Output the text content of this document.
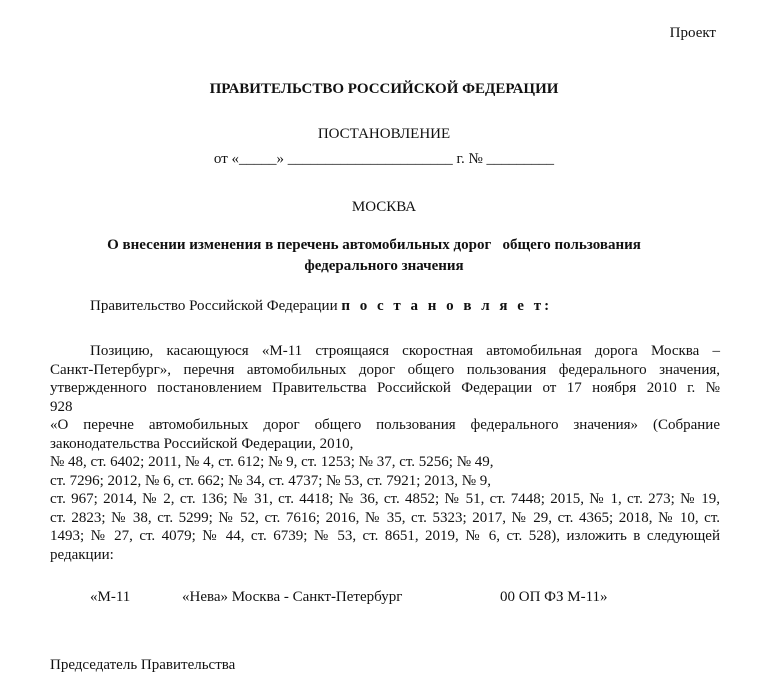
Проект
ПРАВИТЕЛЬСТВО РОССИЙСКОЙ ФЕДЕРАЦИИ
ПОСТАНОВЛЕНИЕ
от «_____» ______________________ г. № _________
МОСКВА
О внесении изменения в перечень автомобильных дорог   общего пользования
федерального значения
Правительство Российской Федерации п о с т а н о в л я е т:
Позицию, касающуюся «М-11 строящаяся скоростная автомобильная дорога Москва –
Санкт-Петербург», перечня автомобильных дорог общего пользования федерального значения,
утвержденного постановлением Правительства Российской Федерации от 17 ноября 2010 г. №
928
«О перечне автомобильных дорог общего пользования федерального значения» (Собрание
законодательства Российской Федерации, 2010,
№ 48, ст. 6402; 2011, № 4, ст. 612; № 9, ст. 1253; № 37, ст. 5256; № 49,
ст. 7296; 2012, № 6, ст. 662; № 34, ст. 4737; № 53, ст. 7921; 2013, № 9,
ст. 967; 2014, № 2, ст. 136; № 31, ст. 4418; № 36, ст. 4852; № 51, ст. 7448; 2015, № 1, ст. 273; № 19,
ст. 2823; № 38, ст. 5299; № 52, ст. 7616; 2016, № 35, ст. 5323; 2017, № 29, ст. 4365; 2018, № 10, ст.
1493; № 27, ст. 4079; № 44, ст. 6739; № 53, ст. 8651, 2019, № 6, ст. 528), изложить в следующей
редакции:
«М-11	«Нева» Москва - Санкт-Петербург	00 ОП ФЗ М-11»
Председатель Правительства
